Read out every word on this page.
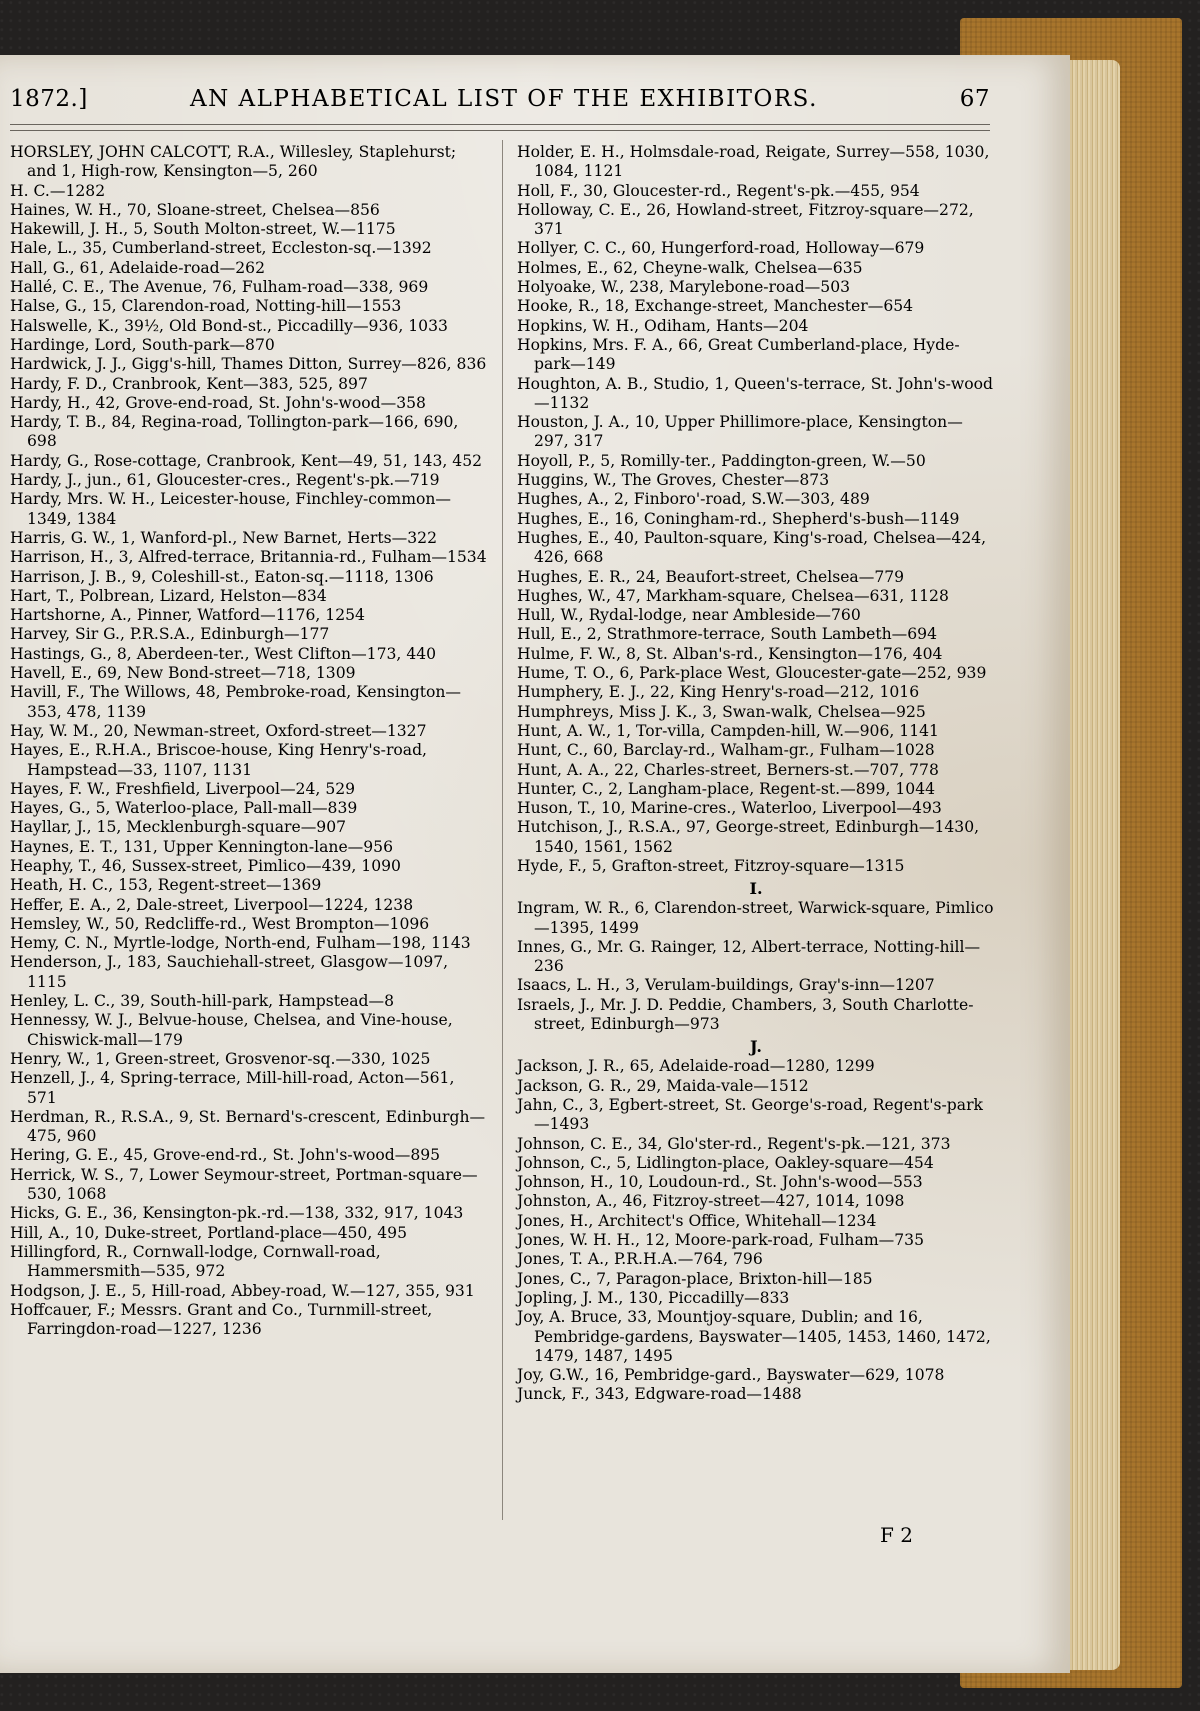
1872.]	AN ALPHABETICAL LIST OF THE EXHIBITORS.	67

HORSLEY, JOHN CALCOTT, R.A., Willesley, Staplehurst; and 1, High-row, Kensington—5, 260

H. C.—1282

Haines, W. H., 70, Sloane-street, Chelsea—856

Hakewill, J. H., 5, South Molton-street, W.—1175

Hale, L., 35, Cumberland-street, Eccleston-sq.—1392

Hall, G., 61, Adelaide-road—262

Hallé, C. E., The Avenue, 76, Fulham-road—338, 969

Halse, G., 15, Clarendon-road, Notting-hill—1553

Halswelle, K., 39½, Old Bond-st., Piccadilly—936, 1033

Hardinge, Lord, South-park—870

Hardwick, J. J., Gigg's-hill, Thames Ditton, Surrey—826, 836

Hardy, F. D., Cranbrook, Kent—383, 525, 897

Hardy, H., 42, Grove-end-road, St. John's-wood—358

Hardy, T. B., 84, Regina-road, Tollington-park—166, 690, 698

Hardy, G., Rose-cottage, Cranbrook, Kent—49, 51, 143, 452

Hardy, J., jun., 61, Gloucester-cres., Regent's-pk.—719

Hardy, Mrs. W. H., Leicester-house, Finchley-common—1349, 1384

Harris, G. W., 1, Wanford-pl., New Barnet, Herts—322

Harrison, H., 3, Alfred-terrace, Britannia-rd., Fulham—1534

Harrison, J. B., 9, Coleshill-st., Eaton-sq.—1118, 1306

Hart, T., Polbrean, Lizard, Helston—834

Hartshorne, A., Pinner, Watford—1176, 1254

Harvey, Sir G., P.R.S.A., Edinburgh—177

Hastings, G., 8, Aberdeen-ter., West Clifton—173, 440

Havell, E., 69, New Bond-street—718, 1309

Havill, F., The Willows, 48, Pembroke-road, Kensington—353, 478, 1139

Hay, W. M., 20, Newman-street, Oxford-street—1327

Hayes, E., R.H.A., Briscoe-house, King Henry's-road, Hampstead—33, 1107, 1131

Hayes, F. W., Freshfield, Liverpool—24, 529

Hayes, G., 5, Waterloo-place, Pall-mall—839

Hayllar, J., 15, Mecklenburgh-square—907

Haynes, E. T., 131, Upper Kennington-lane—956

Heaphy, T., 46, Sussex-street, Pimlico—439, 1090

Heath, H. C., 153, Regent-street—1369

Heffer, E. A., 2, Dale-street, Liverpool—1224, 1238

Hemsley, W., 50, Redcliffe-rd., West Brompton—1096

Hemy, C. N., Myrtle-lodge, North-end, Fulham—198, 1143

Henderson, J., 183, Sauchiehall-street, Glasgow—1097, 1115

Henley, L. C., 39, South-hill-park, Hampstead—8

Hennessy, W. J., Belvue-house, Chelsea, and Vine-house, Chiswick-mall—179

Henry, W., 1, Green-street, Grosvenor-sq.—330, 1025

Henzell, J., 4, Spring-terrace, Mill-hill-road, Acton—561, 571

Herdman, R., R.S.A., 9, St. Bernard's-crescent, Edinburgh—475, 960

Hering, G. E., 45, Grove-end-rd., St. John's-wood—895

Herrick, W. S., 7, Lower Seymour-street, Portman-square—530, 1068

Hicks, G. E., 36, Kensington-pk.-rd.—138, 332, 917, 1043

Hill, A., 10, Duke-street, Portland-place—450, 495

Hillingford, R., Cornwall-lodge, Cornwall-road, Hammersmith—535, 972

Hodgson, J. E., 5, Hill-road, Abbey-road, W.—127, 355, 931

Hoffcauer, F.; Messrs. Grant and Co., Turnmill-street, Farringdon-road—1227, 1236

Holder, E. H., Holmsdale-road, Reigate, Surrey—558, 1030, 1084, 1121

Holl, F., 30, Gloucester-rd., Regent's-pk.—455, 954

Holloway, C. E., 26, Howland-street, Fitzroy-square—272, 371

Hollyer, C. C., 60, Hungerford-road, Holloway—679

Holmes, E., 62, Cheyne-walk, Chelsea—635

Holyoake, W., 238, Marylebone-road—503

Hooke, R., 18, Exchange-street, Manchester—654

Hopkins, W. H., Odiham, Hants—204

Hopkins, Mrs. F. A., 66, Great Cumberland-place, Hyde-park—149

Houghton, A. B., Studio, 1, Queen's-terrace, St. John's-wood—1132

Houston, J. A., 10, Upper Phillimore-place, Kensington—297, 317

Hoyoll, P., 5, Romilly-ter., Paddington-green, W.—50

Huggins, W., The Groves, Chester—873

Hughes, A., 2, Finboro'-road, S.W.—303, 489

Hughes, E., 16, Coningham-rd., Shepherd's-bush—1149

Hughes, E., 40, Paulton-square, King's-road, Chelsea—424, 426, 668

Hughes, E. R., 24, Beaufort-street, Chelsea—779

Hughes, W., 47, Markham-square, Chelsea—631, 1128

Hull, W., Rydal-lodge, near Ambleside—760

Hull, E., 2, Strathmore-terrace, South Lambeth—694

Hulme, F. W., 8, St. Alban's-rd., Kensington—176, 404

Hume, T. O., 6, Park-place West, Gloucester-gate—252, 939

Humphery, E. J., 22, King Henry's-road—212, 1016

Humphreys, Miss J. K., 3, Swan-walk, Chelsea—925

Hunt, A. W., 1, Tor-villa, Campden-hill, W.—906, 1141

Hunt, C., 60, Barclay-rd., Walham-gr., Fulham—1028

Hunt, A. A., 22, Charles-street, Berners-st.—707, 778

Hunter, C., 2, Langham-place, Regent-st.—899, 1044

Huson, T., 10, Marine-cres., Waterloo, Liverpool—493

Hutchison, J., R.S.A., 97, George-street, Edinburgh—1430, 1540, 1561, 1562

Hyde, F., 5, Grafton-street, Fitzroy-square—1315

I.

Ingram, W. R., 6, Clarendon-street, Warwick-square, Pimlico—1395, 1499

Innes, G., Mr. G. Rainger, 12, Albert-terrace, Notting-hill—236

Isaacs, L. H., 3, Verulam-buildings, Gray's-inn—1207

Israels, J., Mr. J. D. Peddie, Chambers, 3, South Charlotte-street, Edinburgh—973

J.

Jackson, J. R., 65, Adelaide-road—1280, 1299

Jackson, G. R., 29, Maida-vale—1512

Jahn, C., 3, Egbert-street, St. George's-road, Regent's-park—1493

Johnson, C. E., 34, Glo'ster-rd., Regent's-pk.—121, 373

Johnson, C., 5, Lidlington-place, Oakley-square—454

Johnson, H., 10, Loudoun-rd., St. John's-wood—553

Johnston, A., 46, Fitzroy-street—427, 1014, 1098

Jones, H., Architect's Office, Whitehall—1234

Jones, W. H. H., 12, Moore-park-road, Fulham—735

Jones, T. A., P.R.H.A.—764, 796

Jones, C., 7, Paragon-place, Brixton-hill—185

Jopling, J. M., 130, Piccadilly—833

Joy, A. Bruce, 33, Mountjoy-square, Dublin; and 16, Pembridge-gardens, Bayswater—1405, 1453, 1460, 1472, 1479, 1487, 1495

Joy, G.W., 16, Pembridge-gard., Bayswater—629, 1078

Junck, F., 343, Edgware-road—1488

F 2
